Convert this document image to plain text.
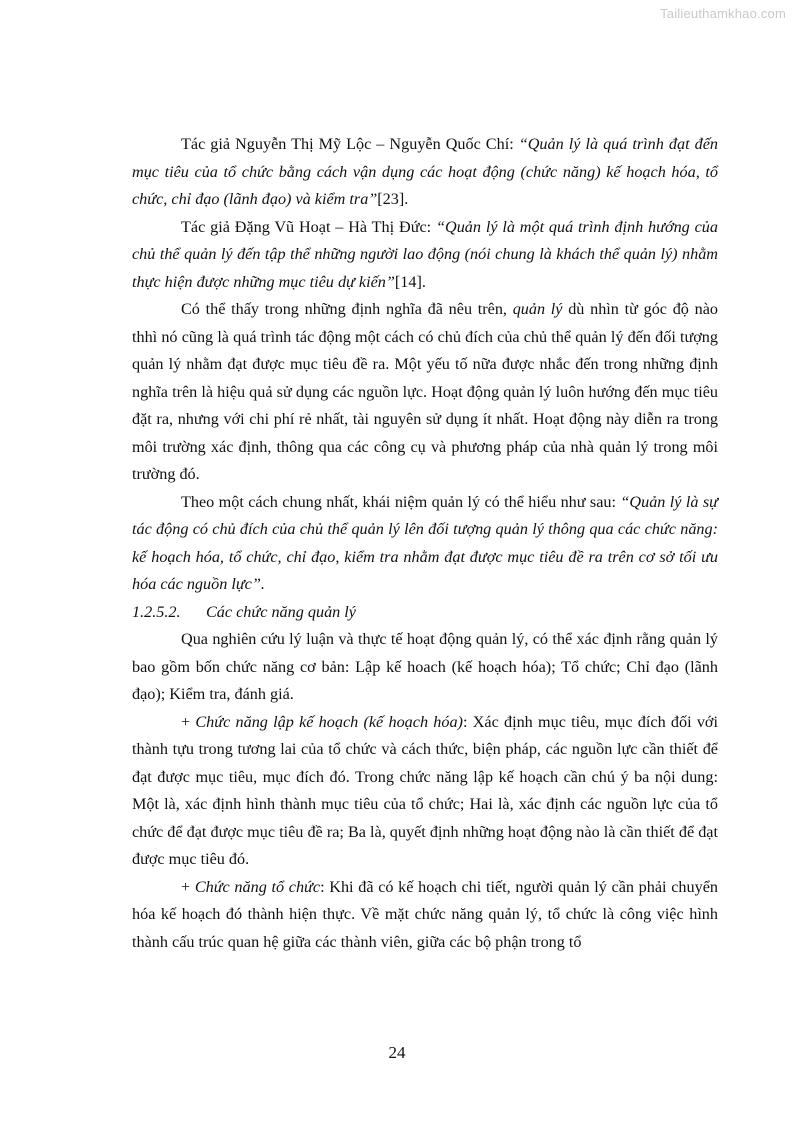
Tailieuthamkhao.com

Tác giả Nguyễn Thị Mỹ Lộc – Nguyễn Quốc Chí: “Quản lý là quá trình đạt đến mục tiêu của tổ chức bằng cách vận dụng các hoạt động (chức năng) kế hoạch hóa, tổ chức, chỉ đạo (lãnh đạo) và kiểm tra”[23].

Tác giả Đặng Vũ Hoạt – Hà Thị Đức: “Quản lý là một quá trình định hướng của chủ thể quản lý đến tập thể những người lao động (nói chung là khách thể quản lý) nhằm thực hiện được những mục tiêu dự kiến”[14].

Có thể thấy trong những định nghĩa đã nêu trên, quản lý dù nhìn từ góc độ nào thhì nó cũng là quá trình tác động một cách có chủ đích của chủ thể quản lý đến đối tượng quản lý nhằm đạt được mục tiêu đề ra. Một yếu tố nữa được nhắc đến trong những định nghĩa trên là hiệu quả sử dụng các nguồn lực. Hoạt động quản lý luôn hướng đến mục tiêu đặt ra, nhưng với chi phí rẻ nhất, tài nguyên sử dụng ít nhất. Hoạt động này diễn ra trong môi trường xác định, thông qua các công cụ và phương pháp của nhà quản lý trong môi trường đó.

Theo một cách chung nhất, khái niệm quản lý có thể hiểu như sau: “Quản lý là sự tác động có chủ đích của chủ thể quản lý lên đối tượng quản lý thông qua các chức năng: kế hoạch hóa, tổ chức, chỉ đạo, kiểm tra nhằm đạt được mục tiêu đề ra trên cơ sở tối ưu hóa các nguồn lực”.

1.2.5.2. Các chức năng quản lý

Qua nghiên cứu lý luận và thực tế hoạt động quản lý, có thể xác định rằng quản lý bao gồm bốn chức năng cơ bản: Lập kế hoach (kế hoạch hóa); Tổ chức; Chỉ đạo (lãnh đạo); Kiểm tra, đánh giá.

+ Chức năng lập kế hoạch (kế hoạch hóa): Xác định mục tiêu, mục đích đối với thành tựu trong tương lai của tổ chức và cách thức, biện pháp, các nguồn lực cần thiết để đạt được mục tiêu, mục đích đó. Trong chức năng lập kế hoạch cần chú ý ba nội dung: Một là, xác định hình thành mục tiêu của tổ chức; Hai là, xác định các nguồn lực của tổ chức để đạt được mục tiêu đề ra; Ba là, quyết định những hoạt động nào là cần thiết để đạt được mục tiêu đó.

+ Chức năng tổ chức: Khi đã có kế hoạch chi tiết, người quản lý cần phải chuyển hóa kế hoạch đó thành hiện thực. Về mặt chức năng quản lý, tổ chức là công việc hình thành cấu trúc quan hệ giữa các thành viên, giữa các bộ phận trong tổ

24
